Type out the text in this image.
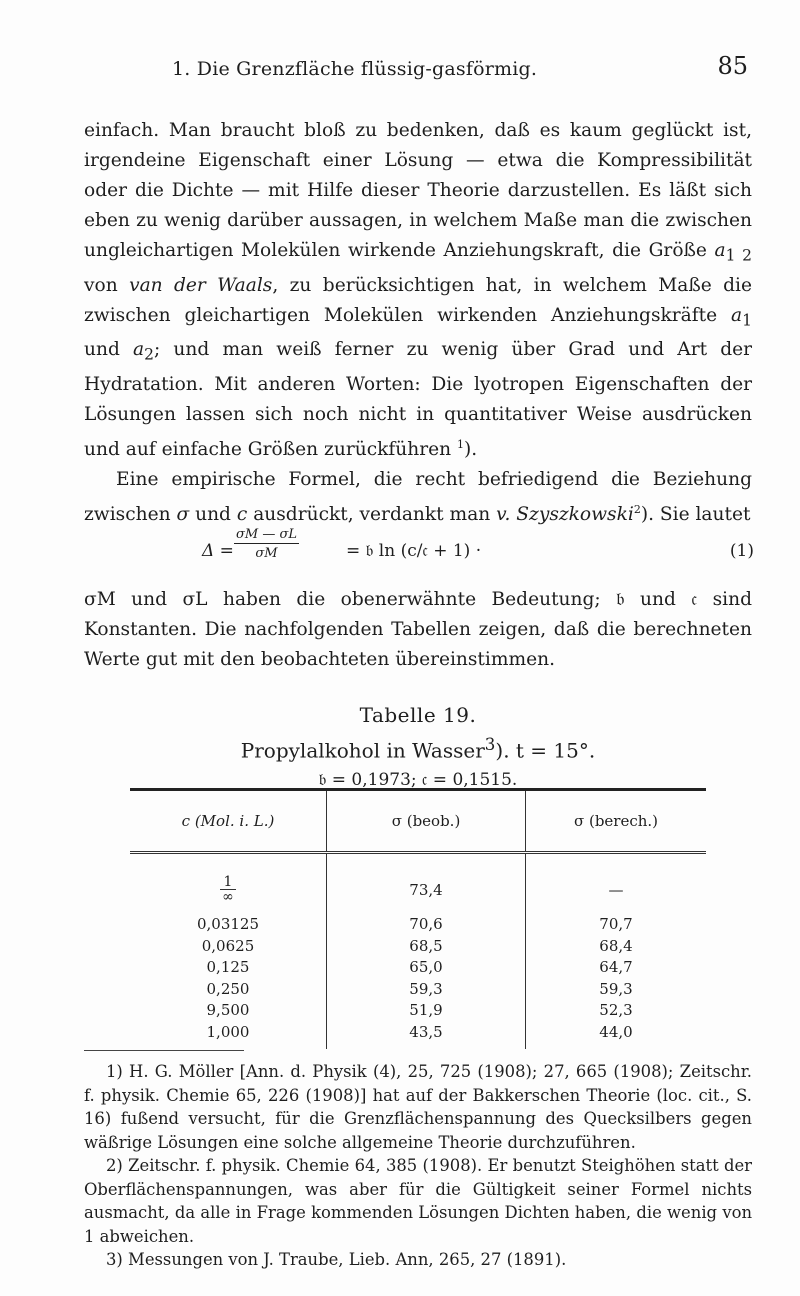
1. Die Grenzfläche flüssig-gasförmig.	85

einfach. Man braucht bloß zu bedenken, daß es kaum geglückt ist, irgendeine Eigenschaft einer Lösung — etwa die Kompressibilität oder die Dichte — mit Hilfe dieser Theorie darzustellen. Es läßt sich eben zu wenig darüber aussagen, in welchem Maße man die zwischen ungleichartigen Molekülen wirkende Anziehungskraft, die Größe $a_{1 2}$ von van der Waals, zu berücksichtigen hat, in welchem Maße die zwischen gleichartigen Molekülen wirkenden Anziehungskräfte $a_1$ und $a_2$; und man weiß ferner zu wenig über Grad und Art der Hydratation. Mit anderen Worten: Die lyotropen Eigenschaften der Lösungen lassen sich noch nicht in quantitativer Weise ausdrücken und auf einfache Größen zurückführen $^1$).

Eine empirische Formel, die recht befriedigend die Beziehung zwischen σ und c ausdrückt, verdankt man v. Szyszkowski$^2$). Sie lautet

$\Delta = \frac{\sigma M — \sigma L}{\sigma M}$	= 𝔟 ln (c/𝔠 + 1) ·	(1)

σM und σL haben die obenerwähnte Bedeutung; 𝔟 und 𝔠 sind Konstanten. Die nachfolgenden Tabellen zeigen, daß die berechneten Werte gut mit den beobachteten übereinstimmen.

Tabelle 19.
Propylalkohol in Wasser$^3$). t = 15°.
𝔟 = 0,1973; 𝔠 = 0,1515.
c (Mol. i. L.)	σ (beob.)	σ (berech.)

$\frac{1}{\infty}$	73,4	—
0,03125	70,6	70,7
0,0625	68,5	68,4
0,125	65,0	64,7
0,250	59,3	59,3
9,500	51,9	52,3
1,000	43,5	44,0

1) H. G. Möller [Ann. d. Physik (4), 25, 725 (1908); 27, 665 (1908); Zeitschr. f. physik. Chemie 65, 226 (1908)] hat auf der Bakkerschen Theorie (loc. cit., S. 16) fußend versucht, für die Grenzflächenspannung des Quecksilbers gegen wäßrige Lösungen eine solche allgemeine Theorie durchzuführen.

2) Zeitschr. f. physik. Chemie 64, 385 (1908). Er benutzt Steighöhen statt der Oberflächenspannungen, was aber für die Gültigkeit seiner Formel nichts ausmacht, da alle in Frage kommenden Lösungen Dichten haben, die wenig von 1 abweichen.

3) Messungen von J. Traube, Lieb. Ann, 265, 27 (1891).
